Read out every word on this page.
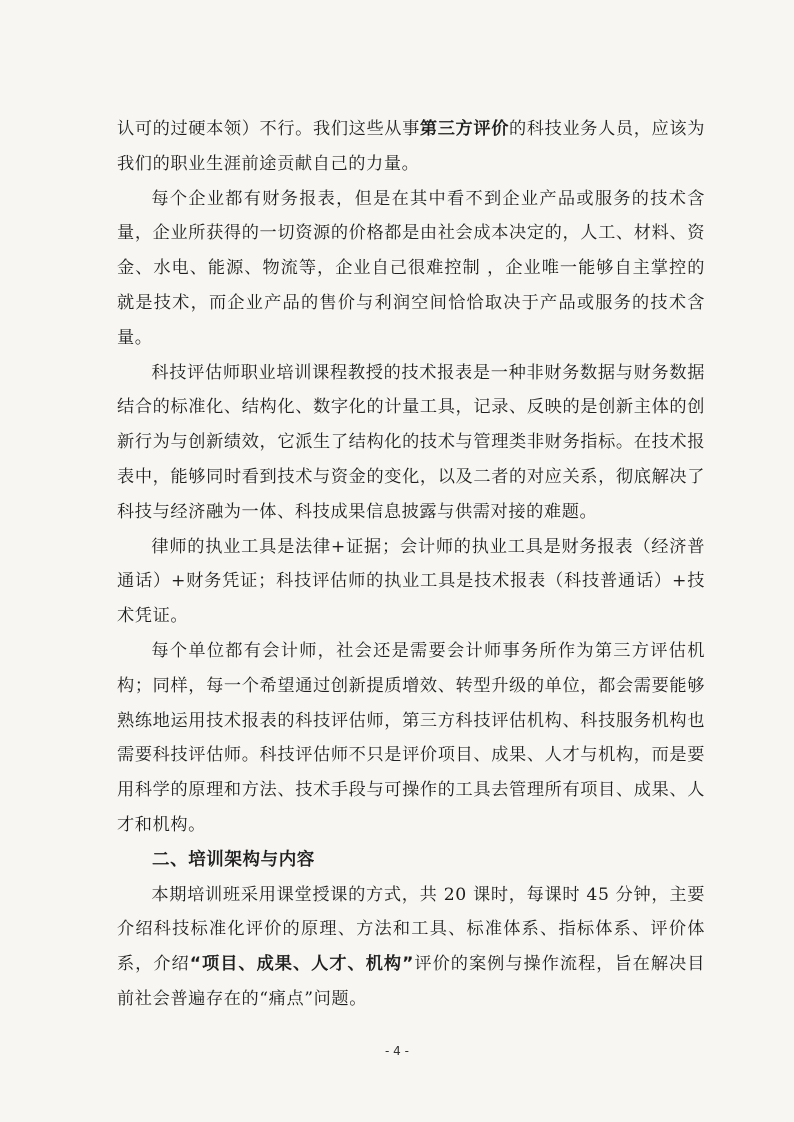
认可的过硬本领）不行。我们这些从事第三方评价的科技业务人员，应该为我们的职业生涯前途贡献自己的力量。

每个企业都有财务报表，但是在其中看不到企业产品或服务的技术含量，企业所获得的一切资源的价格都是由社会成本决定的，人工、材料、资金、水电、能源、物流等，企业自己很难控制 ，企业唯一能够自主掌控的就是技术，而企业产品的售价与利润空间恰恰取决于产品或服务的技术含量。

科技评估师职业培训课程教授的技术报表是一种非财务数据与财务数据结合的标准化、结构化、数字化的计量工具，记录、反映的是创新主体的创新行为与创新绩效，它派生了结构化的技术与管理类非财务指标。在技术报表中，能够同时看到技术与资金的变化，以及二者的对应关系，彻底解决了科技与经济融为一体、科技成果信息披露与供需对接的难题。

律师的执业工具是法律+证据；会计师的执业工具是财务报表（经济普通话）+财务凭证；科技评估师的执业工具是技术报表（科技普通话）+技术凭证。

每个单位都有会计师，社会还是需要会计师事务所作为第三方评估机构；同样，每一个希望通过创新提质增效、转型升级的单位，都会需要能够熟练地运用技术报表的科技评估师，第三方科技评估机构、科技服务机构也需要科技评估师。科技评估师不只是评价项目、成果、人才与机构，而是要用科学的原理和方法、技术手段与可操作的工具去管理所有项目、成果、人才和机构。

二、培训架构与内容

本期培训班采用课堂授课的方式，共 20 课时，每课时 45 分钟，主要介绍科技标准化评价的原理、方法和工具、标准体系、指标体系、评价体系，介绍“项目、成果、人才、机构”评价的案例与操作流程，旨在解决目前社会普遍存在的“痛点”问题。

- 4 -
